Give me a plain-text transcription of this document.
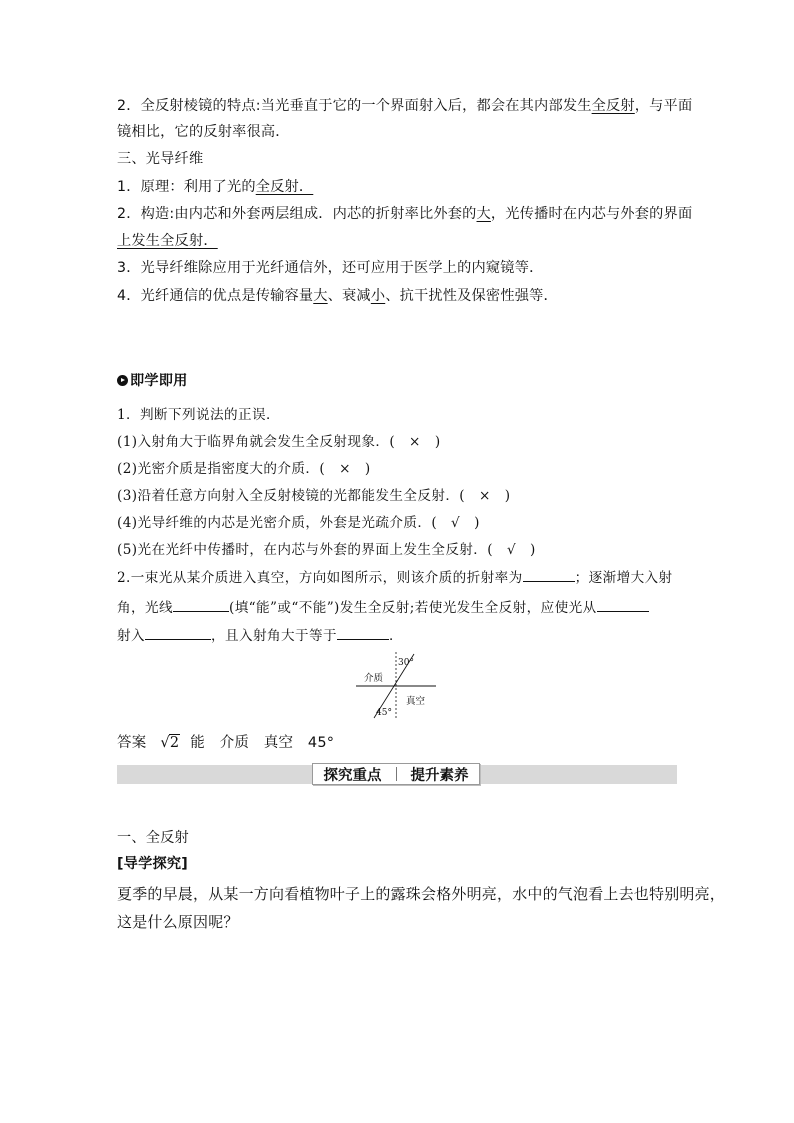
2．全反射棱镜的特点:当光垂直于它的一个界面射入后，都会在其内部发生全反射，与平面
镜相比，它的反射率很高．
三、光导纤维
1．原理：利用了光的全反射．
2．构造:由内芯和外套两层组成．内芯的折射率比外套的大，光传播时在内芯与外套的界面
上发生全反射．
3．光导纤维除应用于光纤通信外，还可应用于医学上的内窥镜等．
4．光纤通信的优点是传输容量大、衰减小、抗干扰性及保密性强等．
即学即用
1．判断下列说法的正误．
(1)入射角大于临界角就会发生全反射现象．(　×　)
(2)光密介质是指密度大的介质．(　×　)
(3)沿着任意方向射入全反射棱镜的光都能发生全反射．(　×　)
(4)光导纤维的内芯是光密介质，外套是光疏介质．(　√　)
(5)光在光纤中传播时，在内芯与外套的界面上发生全反射．(　√　)
2.一束光从某介质进入真空，方向如图所示，则该介质的折射率为	；逐渐增大入射
角，光线	(填“能”或“不能”)发生全反射;若使光发生全反射，应使光从
射入	，且入射角大于等于	．
30°
45°
介质
真空
答案 √2 能　介质　真空　45°
探究重点 提升素养
一、全反射
[导学探究]
夏季的早晨，从某一方向看植物叶子上的露珠会格外明亮，水中的气泡看上去也特别明亮，
这是什么原因呢？
